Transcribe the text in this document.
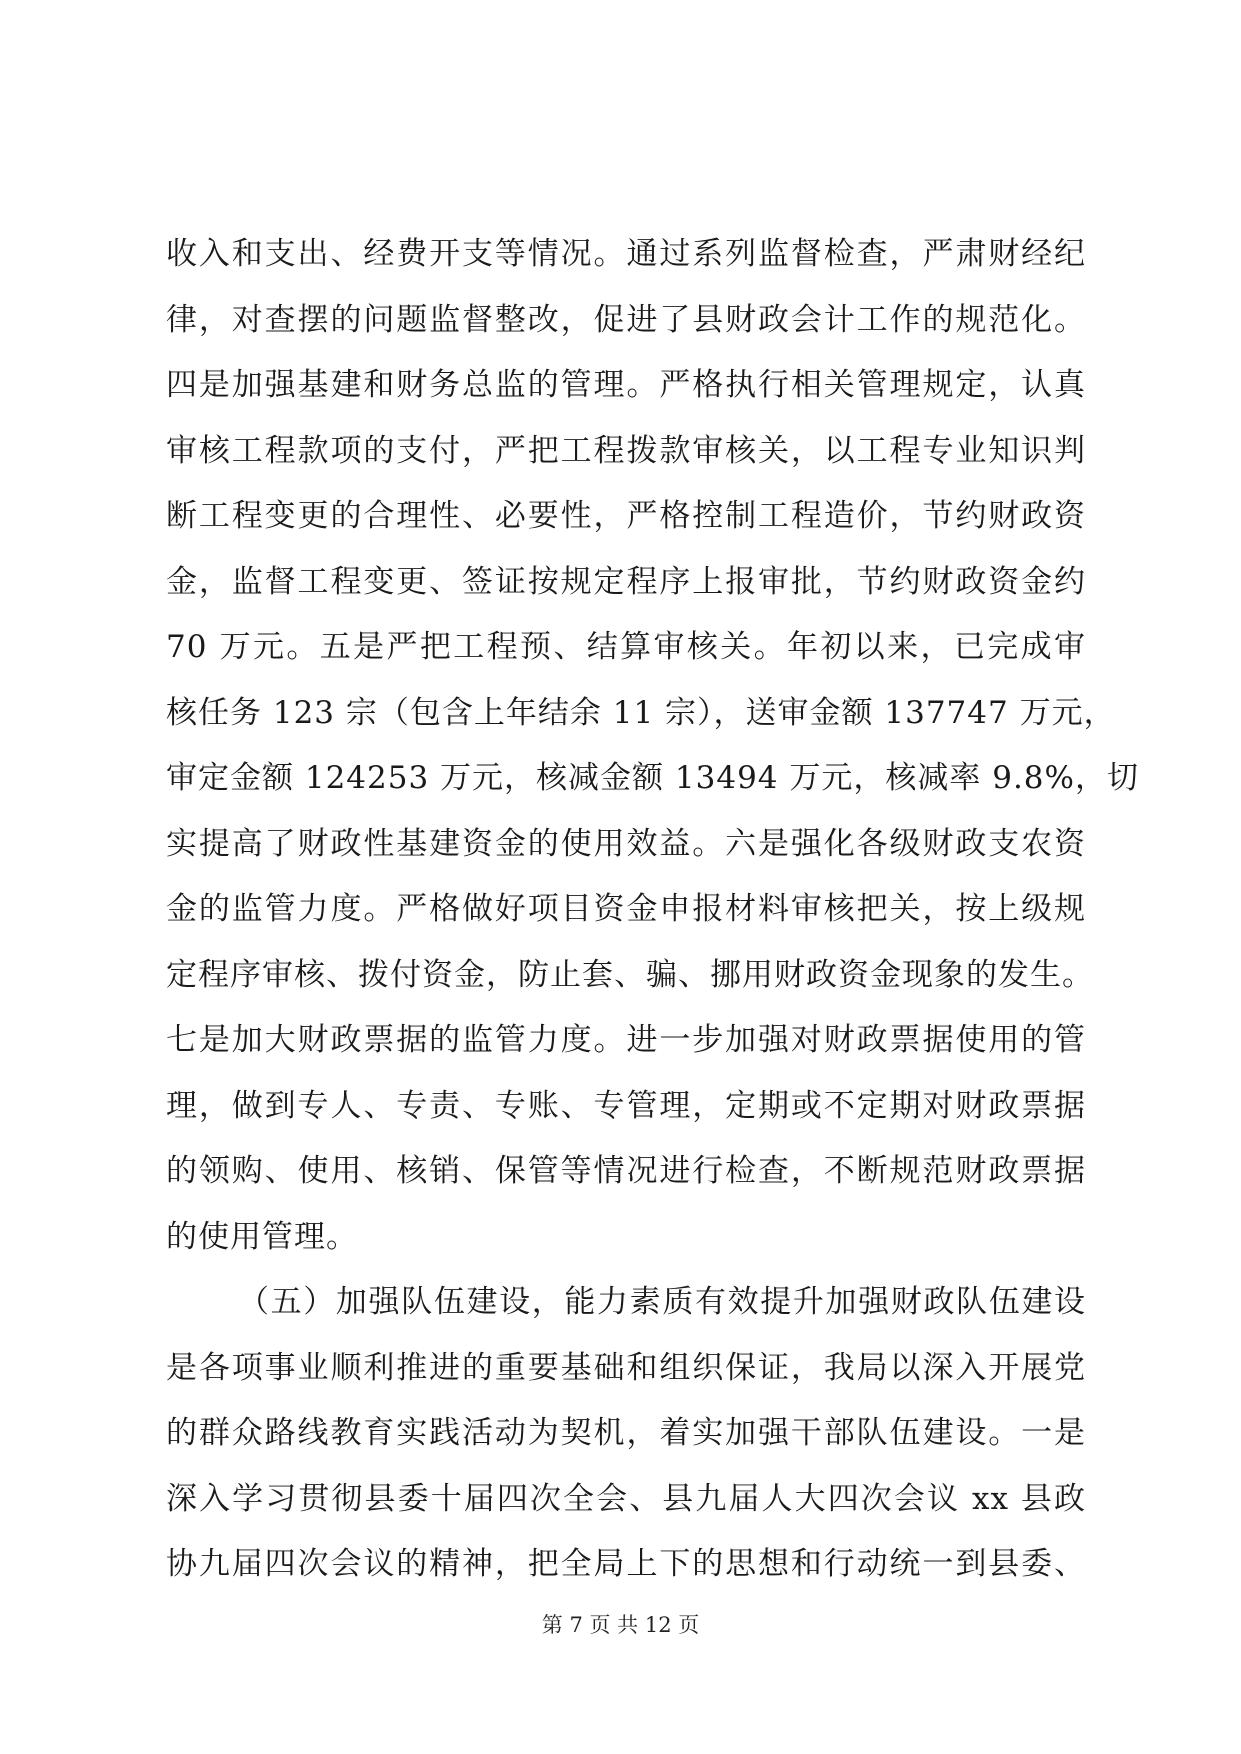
收入和支出、经费开支等情况。通过系列监督检查，严肃财经纪
律，对查摆的问题监督整改，促进了县财政会计工作的规范化。
四是加强基建和财务总监的管理。严格执行相关管理规定，认真
审核工程款项的支付，严把工程拨款审核关，以工程专业知识判
断工程变更的合理性、必要性，严格控制工程造价，节约财政资
金，监督工程变更、签证按规定程序上报审批，节约财政资金约
70 万元。五是严把工程预、结算审核关。年初以来，已完成审
核任务 123 宗（包含上年结余 11 宗），送审金额 137747 万元，
审定金额 124253 万元，核减金额 13494 万元，核减率 9.8%，切
实提高了财政性基建资金的使用效益。六是强化各级财政支农资
金的监管力度。严格做好项目资金申报材料审核把关，按上级规
定程序审核、拨付资金，防止套、骗、挪用财政资金现象的发生。
七是加大财政票据的监管力度。进一步加强对财政票据使用的管
理，做到专人、专责、专账、专管理，定期或不定期对财政票据
的领购、使用、核销、保管等情况进行检查，不断规范财政票据
的使用管理。
（五）加强队伍建设，能力素质有效提升加强财政队伍建设
是各项事业顺利推进的重要基础和组织保证，我局以深入开展党
的群众路线教育实践活动为契机，着实加强干部队伍建设。一是
深入学习贯彻县委十届四次全会、县九届人大四次会议 xx 县政
协九届四次会议的精神，把全局上下的思想和行动统一到县委、
第 7 页 共 12 页
